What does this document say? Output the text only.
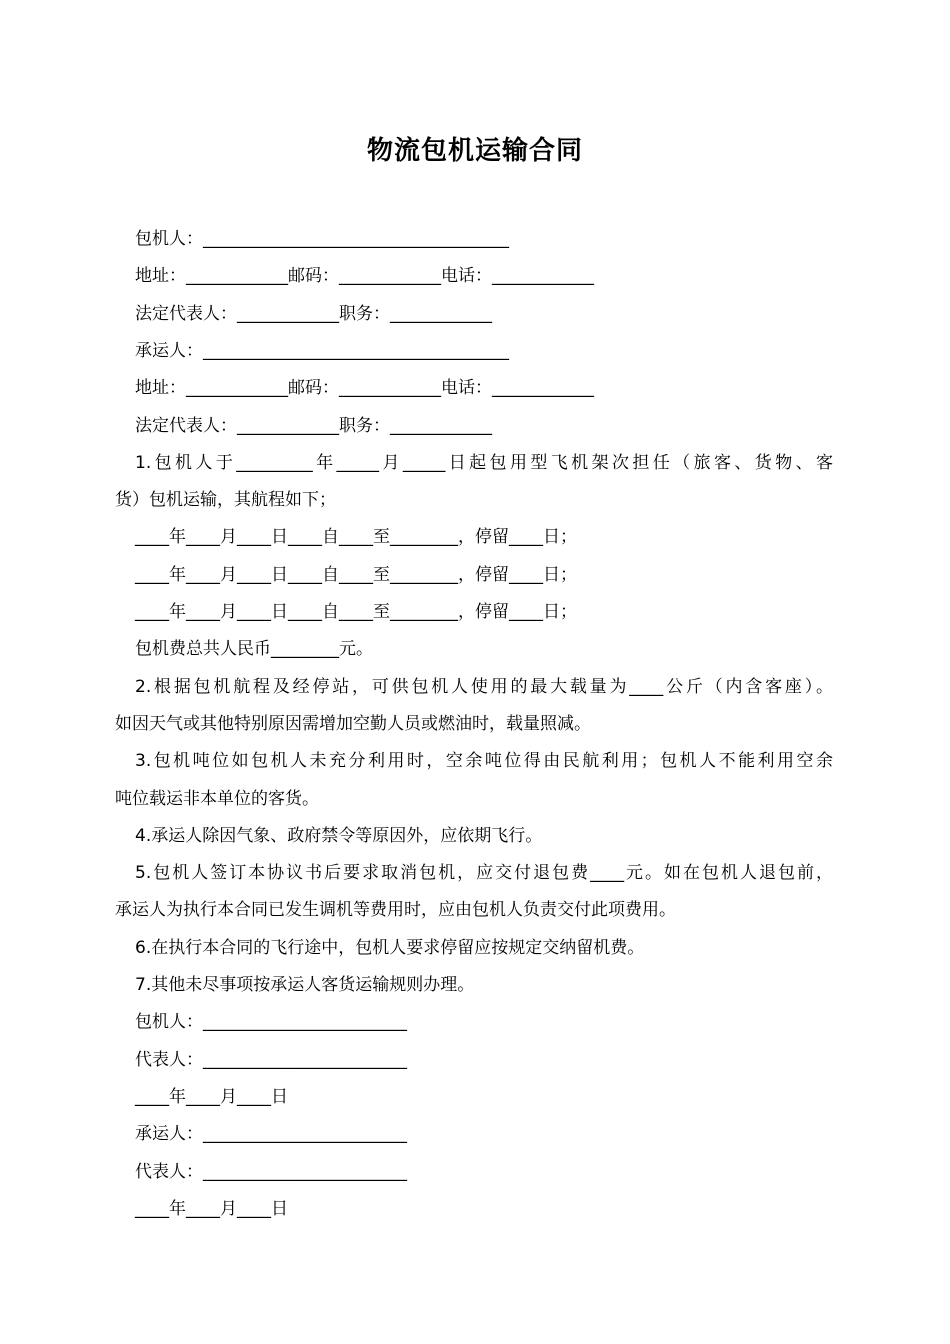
物流包机运输合同
包机人：____________________________________
地址：____________邮码：____________电话：____________
法定代表人：____________职务：____________
承运人：____________________________________
地址：____________邮码：____________电话：____________
法定代表人：____________职务：____________
1.包机人于_________年_____月_____日起包用型飞机架次担任（旅客、货物、客
货）包机运输，其航程如下；
____年____月____日____自____至________，停留____日；
____年____月____日____自____至________，停留____日；
____年____月____日____自____至________，停留____日；
包机费总共人民币________元。
2.根据包机航程及经停站，可供包机人使用的最大载量为____公斤（内含客座）。
如因天气或其他特别原因需增加空勤人员或燃油时，载量照减。
3.包机吨位如包机人未充分利用时，空余吨位得由民航利用；包机人不能利用空余
吨位载运非本单位的客货。
4.承运人除因气象、政府禁令等原因外，应依期飞行。
5.包机人签订本协议书后要求取消包机，应交付退包费____元。如在包机人退包前，
承运人为执行本合同已发生调机等费用时，应由包机人负责交付此项费用。
6.在执行本合同的飞行途中，包机人要求停留应按规定交纳留机费。
7.其他未尽事项按承运人客货运输规则办理。
包机人：________________________
代表人：________________________
____年____月____日
承运人：________________________
代表人：________________________
____年____月____日
